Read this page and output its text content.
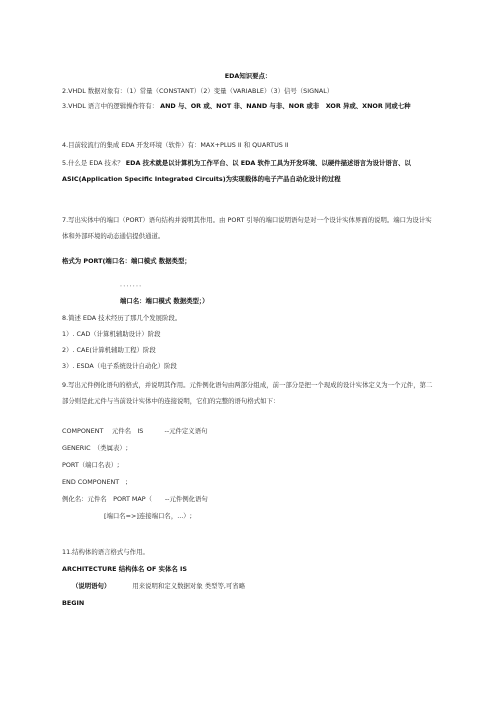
EDA知识要点：
2.VHDL 数据对象有：（1）常量（CONSTANT）（2）变量（VARIABLE）（3）信号（SIGNAL）
3.VHDL 语言中的逻辑操作符有： AND 与、OR 或、NOT 非、NAND 与非、NOR 或非　XOR 异或、XNOR 同或七种
4.目前较流行的集成 EDA 开发环境（软件）有：MAX+PLUS II 和 QUARTUS II
5.什么是 EDA 技术？ EDA 技术就是以计算机为工作平台、以 EDA 软件工具为开发环境、以硬件描述语言为设计语言、以 ASIC(Application Specific Integrated Circuits)为实现载体的电子产品自动化设计的过程
7.写出实体中的端口（PORT）语句结构并说明其作用。由 PORT 引导的端口说明语句是对一个设计实体界面的说明。端口为设计实体和外部环境的动态通信提供通道。
格式为 PORT(端口名：端口模式 数据类型；
．．．．．．．
端口名：端口模式 数据类型；）
8.简述 EDA 技术经历了那几个发展阶段。
1）. CAD（计算机辅助设计）阶段
2）. CAE(计算机辅助工程）阶段
3）. ESDA（电子系统设计自动化）阶段
9.写出元件例化语句的格式，并说明其作用。元件例化语句由两部分组成，前一部分是把一个现成的设计实体定义为一个元件，第二部分则是此元件与当前设计实体中的连接说明，它们的完整的语句格式如下：
COMPONENT　 元件名　IS　　　 --元件定义语句
GENERIC　（类属表）;
PORT（端口名表）;
END COMPONENT　;
例化名：元件名　PORT MAP（　　--元件例化语句
[端口名=>]连接端口名，...）;
11.结构体的语言格式与作用。
ARCHITECTURE 结构体名 OF 实体名 IS
（说明语句）	用来说明和定义数据对象 类型等,可省略
BEGIN
